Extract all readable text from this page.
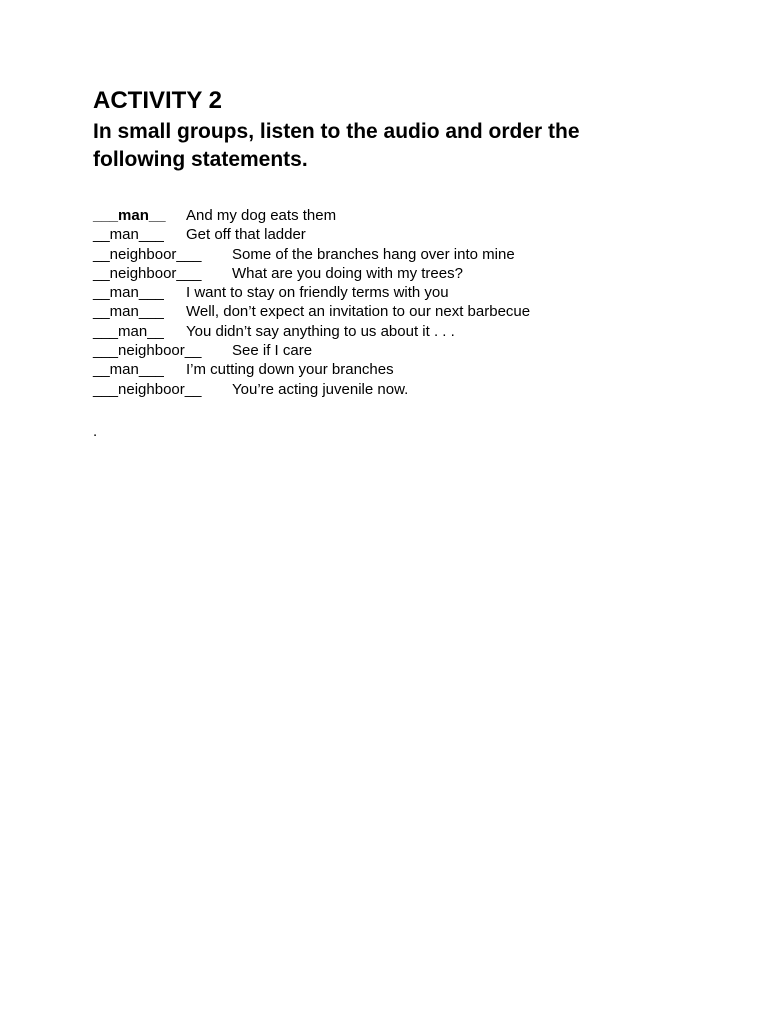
ACTIVITY 2

In small groups, listen to the audio and order the following statements.

___man__	And my dog eats them
__man___	Get off that ladder
__neighboor___	Some of the branches hang over into mine
__neighboor___	What are you doing with my trees?
__man___	I want to stay on friendly terms with you
__man___	Well, don’t expect an invitation to our next barbecue
___man__	You didn’t say anything to us about it . . .
___neighboor__	See if I care
__man___	I’m cutting down your branches
___neighboor__	You’re acting juvenile now.
.
